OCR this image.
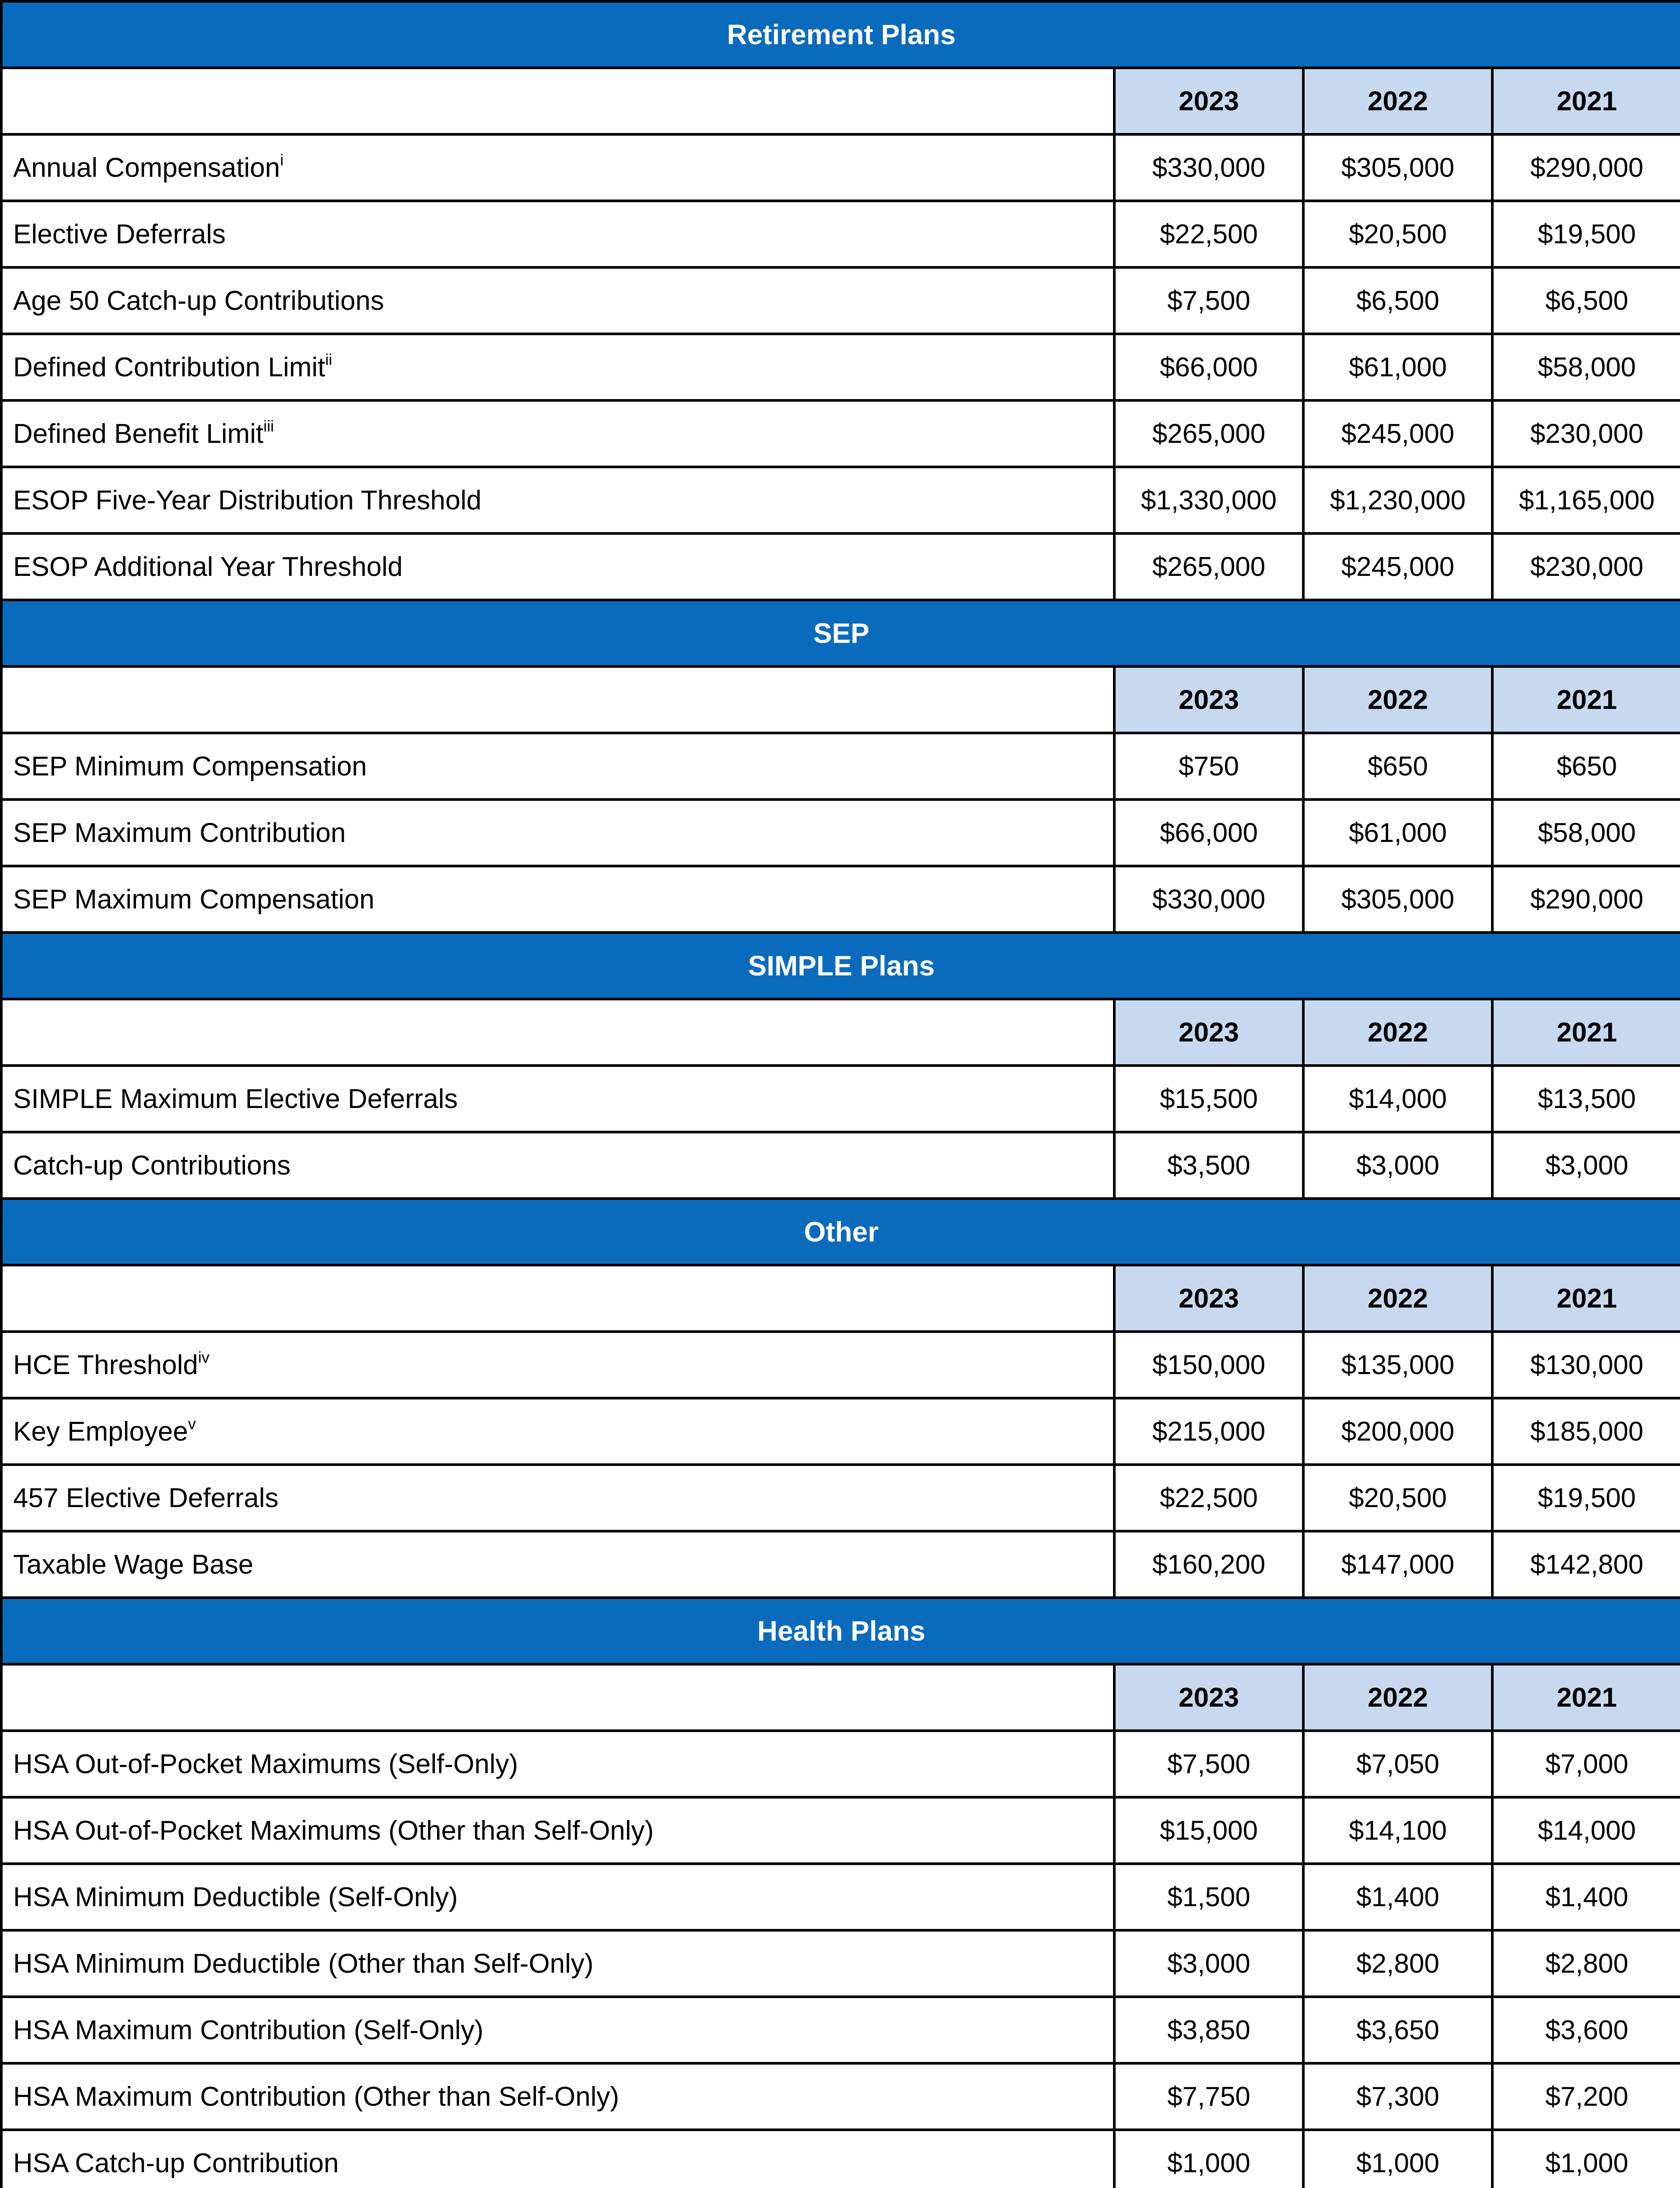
Retirement Plans			
	2023	2022	2021
Annual Compensation$^i$	$330,000	$305,000	$290,000
Elective Deferrals	$22,500	$20,500	$19,500
Age 50 Catch-up Contributions	$7,500	$6,500	$6,500
Defined Contribution Limit$^{ii}$	$66,000	$61,000	$58,000
Defined Benefit Limit$^{iii}$	$265,000	$245,000	$230,000
ESOP Five-Year Distribution Threshold	$1,330,000	$1,230,000	$1,165,000
ESOP Additional Year Threshold	$265,000	$245,000	$230,000
SEP			
	2023	2022	2021
SEP Minimum Compensation	$750	$650	$650
SEP Maximum Contribution	$66,000	$61,000	$58,000
SEP Maximum Compensation	$330,000	$305,000	$290,000
SIMPLE Plans			
	2023	2022	2021
SIMPLE Maximum Elective Deferrals	$15,500	$14,000	$13,500
Catch-up Contributions	$3,500	$3,000	$3,000
Other			
	2023	2022	2021
HCE Threshold$^{iv}$	$150,000	$135,000	$130,000
Key Employee$^v$	$215,000	$200,000	$185,000
457 Elective Deferrals	$22,500	$20,500	$19,500
Taxable Wage Base	$160,200	$147,000	$142,800
Health Plans			
	2023	2022	2021
HSA Out-of-Pocket Maximums (Self-Only)	$7,500	$7,050	$7,000
HSA Out-of-Pocket Maximums (Other than Self-Only)	$15,000	$14,100	$14,000
HSA Minimum Deductible (Self-Only)	$1,500	$1,400	$1,400
HSA Minimum Deductible (Other than Self-Only)	$3,000	$2,800	$2,800
HSA Maximum Contribution (Self-Only)	$3,850	$3,650	$3,600
HSA Maximum Contribution (Other than Self-Only)	$7,750	$7,300	$7,200
HSA Catch-up Contribution	$1,000	$1,000	$1,000
